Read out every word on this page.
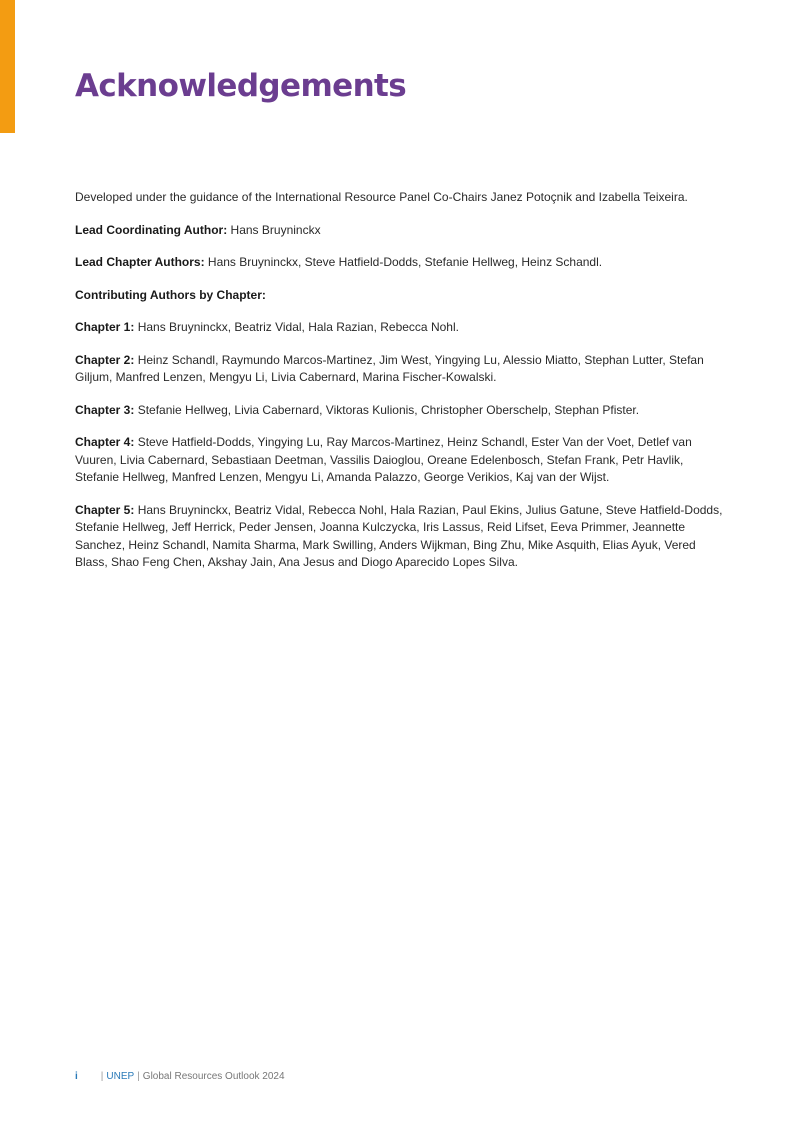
Acknowledgements

Developed under the guidance of the International Resource Panel Co-Chairs Janez Potoçnik and Izabella Teixeira.

Lead Coordinating Author: Hans Bruyninckx

Lead Chapter Authors: Hans Bruyninckx, Steve Hatfield-Dodds, Stefanie Hellweg, Heinz Schandl.

Contributing Authors by Chapter:

Chapter 1: Hans Bruyninckx, Beatriz Vidal, Hala Razian, Rebecca Nohl.

Chapter 2: Heinz Schandl, Raymundo Marcos-Martinez, Jim West, Yingying Lu, Alessio Miatto, Stephan Lutter, Stefan Giljum, Manfred Lenzen, Mengyu Li, Livia Cabernard, Marina Fischer-Kowalski.

Chapter 3: Stefanie Hellweg, Livia Cabernard, Viktoras Kulionis, Christopher Oberschelp, Stephan Pfister.

Chapter 4: Steve Hatfield-Dodds, Yingying Lu, Ray Marcos-Martinez, Heinz Schandl, Ester Van der Voet, Detlef van Vuuren, Livia Cabernard, Sebastiaan Deetman, Vassilis Daioglou, Oreane Edelenbosch, Stefan Frank, Petr Havlik, Stefanie Hellweg, Manfred Lenzen, Mengyu Li, Amanda Palazzo, George Verikios, Kaj van der Wijst.

Chapter 5: Hans Bruyninckx, Beatriz Vidal, Rebecca Nohl, Hala Razian, Paul Ekins, Julius Gatune, Steve Hatfield-Dodds, Stefanie Hellweg, Jeff Herrick, Peder Jensen, Joanna Kulczycka, Iris Lassus, Reid Lifset, Eeva Primmer, Jeannette Sanchez, Heinz Schandl, Namita Sharma, Mark Swilling, Anders Wijkman, Bing Zhu, Mike Asquith, Elias Ayuk, Vered Blass, Shao Feng Chen, Akshay Jain, Ana Jesus and Diogo Aparecido Lopes Silva.

i | UNEP | Global Resources Outlook 2024
